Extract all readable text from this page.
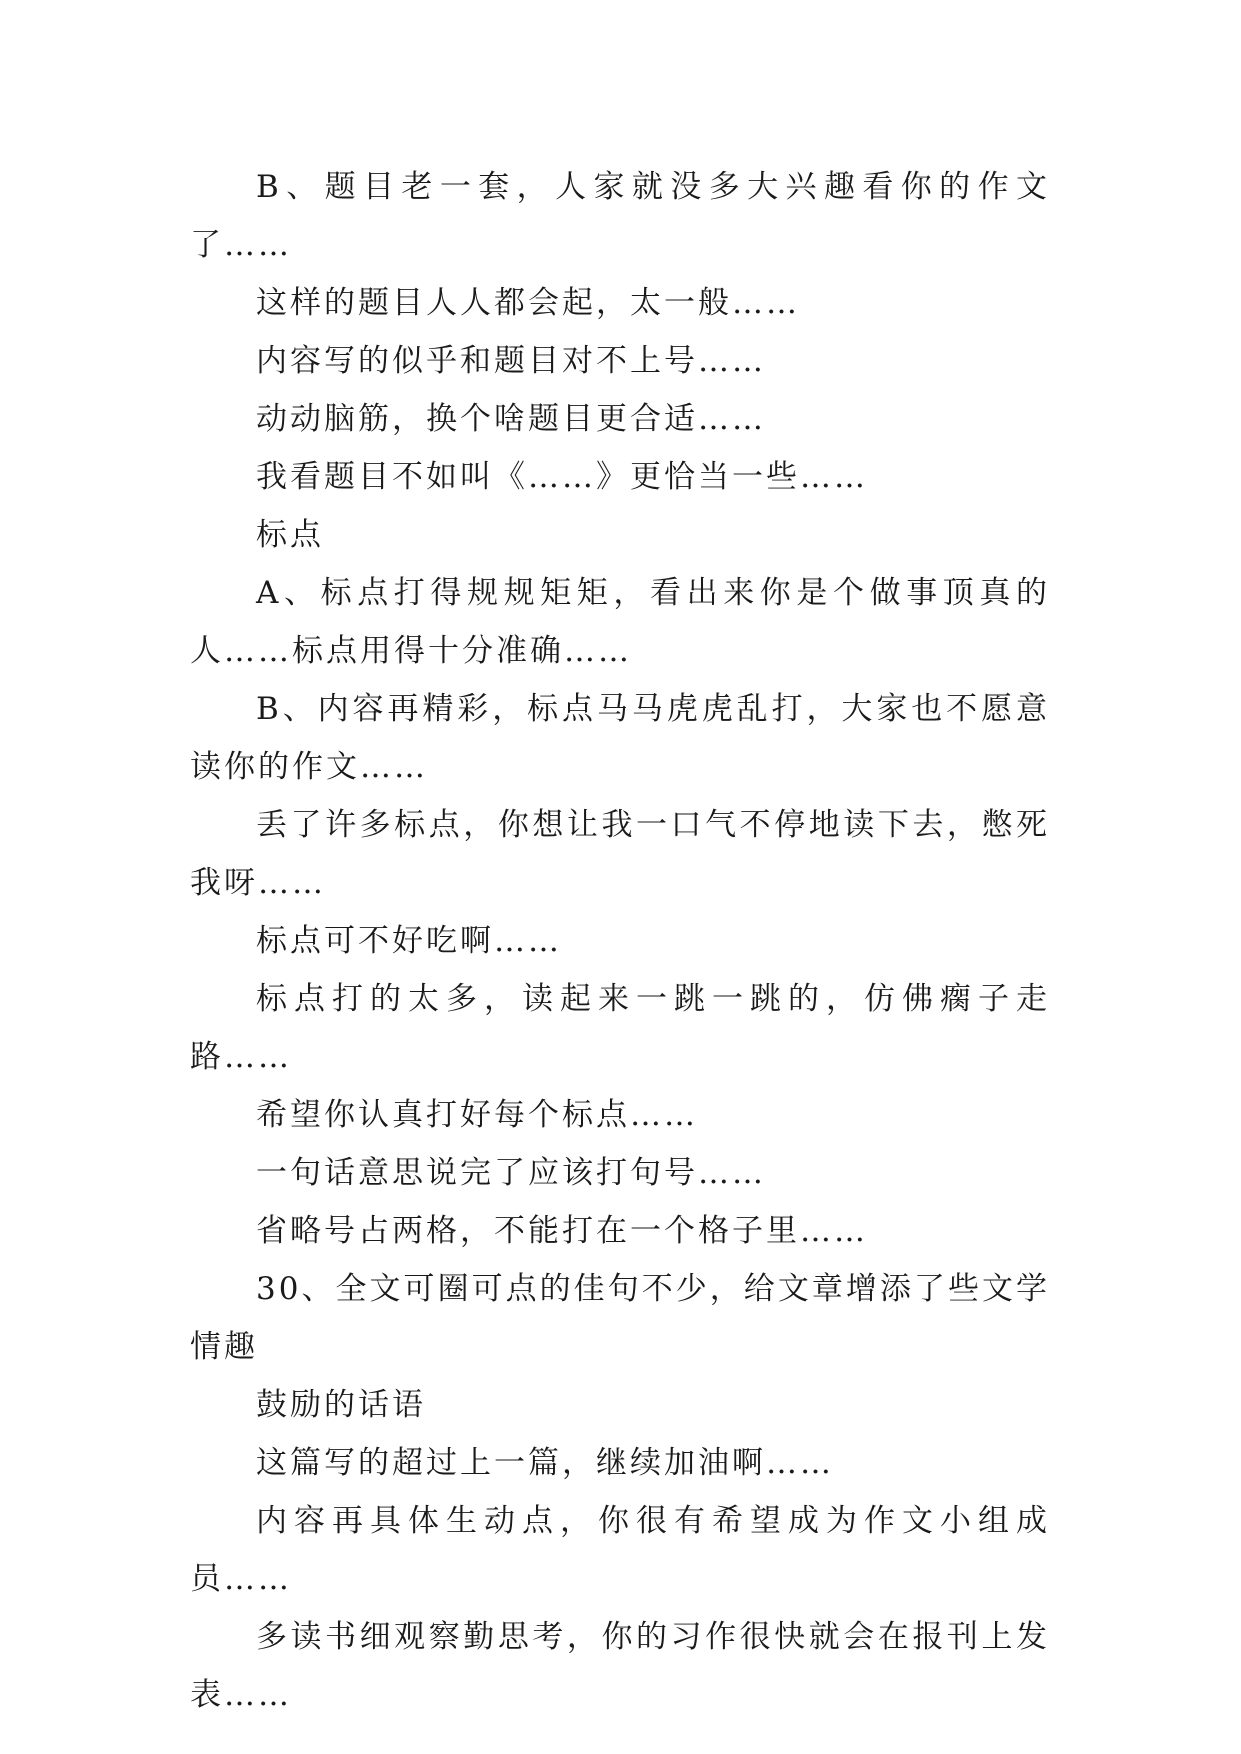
B、题目老一套，人家就没多大兴趣看你的作文了……

这样的题目人人都会起，太一般……

内容写的似乎和题目对不上号……

动动脑筋，换个啥题目更合适……

我看题目不如叫《……》更恰当一些……

标点

A、标点打得规规矩矩，看出来你是个做事顶真的人……标点用得十分准确……

B、内容再精彩，标点马马虎虎乱打，大家也不愿意读你的作文……

丢了许多标点，你想让我一口气不停地读下去，憋死我呀……

标点可不好吃啊……

标点打的太多，读起来一跳一跳的，仿佛瘸子走路……

希望你认真打好每个标点……

一句话意思说完了应该打句号……

省略号占两格，不能打在一个格子里……

30、全文可圈可点的佳句不少，给文章增添了些文学情趣

鼓励的话语

这篇写的超过上一篇，继续加油啊……

内容再具体生动点，你很有希望成为作文小组成员……

多读书细观察勤思考，你的习作很快就会在报刊上发表……
